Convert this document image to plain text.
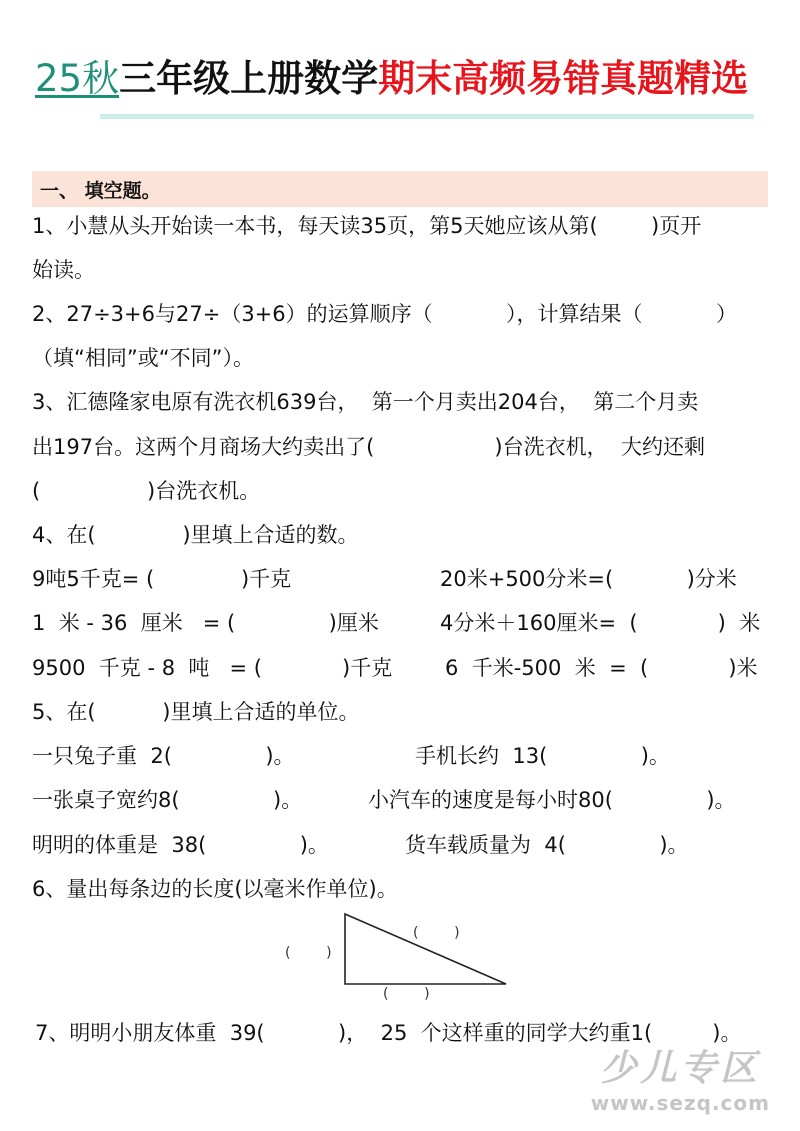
25秋三年级上册数学期末高频易错真题精选
一、 填空题。
1、小慧从头开始读一本书，每天读35页，第5天她应该从第(        )页开
始读。
2、27÷3+6与27÷（3+6）的运算顺序（           ），计算结果（           ）
（填“相同”或“不同”）。
3、汇德隆家电原有洗衣机639台，  第一个月卖出204台，  第二个月卖
出197台。这两个月商场大约卖出了(                  )台洗衣机，  大约还剩
(                )台洗衣机。
4、在(             )里填上合适的数。
9吨5千克= (             )千克	20米+500分米=(           )分米
1  米 - 36  厘米   = (              )厘米	4分米＋160厘米=  (            )  米
9500  千克 - 8  吨   = (            )千克	6  千米-500  米  =  (            )米
5、在(          )里填上合适的单位。
一只兔子重  2(              )。	手机长约  13(              )。
一张桌子宽约8(              )。	小汽车的速度是每小时80(              )。
明明的体重是  38(              )。	货车载质量为  4(              )。
6、量出每条边的长度(以毫米作单位)。
(        )
(        )
(        )
7、明明小朋友体重  39(           )，  25  个这样重的同学大约重1(         )。
少儿专区
www.sezq.com
